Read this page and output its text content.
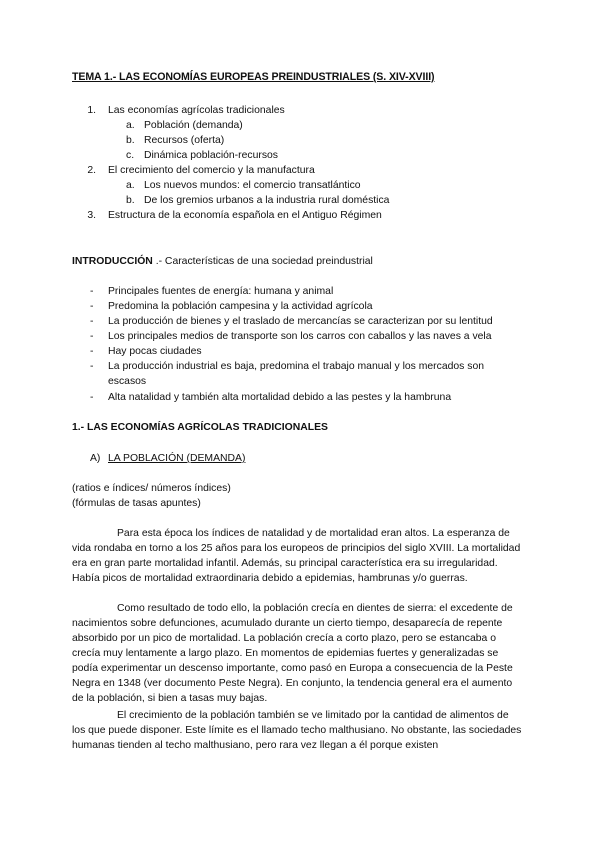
TEMA 1.- LAS ECONOMÍAS EUROPEAS PREINDUSTRIALES (S. XIV-XVIII)
1. Las economías agrícolas tradicionales
a. Población (demanda)
b. Recursos (oferta)
c. Dinámica población-recursos
2. El crecimiento del comercio y la manufactura
a. Los nuevos mundos: el comercio transatlántico
b. De los gremios urbanos a la industria rural doméstica
3. Estructura de la economía española en el Antiguo Régimen
INTRODUCCIÓN .- Características de una sociedad preindustrial
- Principales fuentes de energía: humana y animal
- Predomina la población campesina y la actividad agrícola
- La producción de bienes y el traslado de mercancías se caracterizan por su lentitud
- Los principales medios de transporte son los carros con caballos y las naves a vela
- Hay pocas ciudades
- La producción industrial es baja, predomina el trabajo manual y los mercados son
escasos
- Alta natalidad y también alta mortalidad debido a las pestes y la hambruna
1.- LAS ECONOMÍAS AGRÍCOLAS TRADICIONALES
A) LA POBLACIÓN (DEMANDA)
(ratios e índices/ números índices)
(fórmulas de tasas apuntes)
Para esta época los índices de natalidad y de mortalidad eran altos. La esperanza de vida rondaba en torno a los 25 años para los europeos de principios del siglo XVIII. La mortalidad era en gran parte mortalidad infantil. Además, su principal característica era su irregularidad. Había picos de mortalidad extraordinaria debido a epidemias, hambrunas y/o guerras.
Como resultado de todo ello, la población crecía en dientes de sierra: el excedente de nacimientos sobre defunciones, acumulado durante un cierto tiempo, desaparecía de repente absorbido por un pico de mortalidad. La población crecía a corto plazo, pero se estancaba o crecía muy lentamente a largo plazo. En momentos de epidemias fuertes y generalizadas se podía experimentar un descenso importante, como pasó en Europa a consecuencia de la Peste Negra en 1348 (ver documento Peste Negra). En conjunto, la tendencia general era el aumento de la población, si bien a tasas muy bajas.
El crecimiento de la población también se ve limitado por la cantidad de alimentos de los que puede disponer. Este límite es el llamado techo malthusiano. No obstante, las sociedades humanas tienden al techo malthusiano, pero rara vez llegan a él porque existen
